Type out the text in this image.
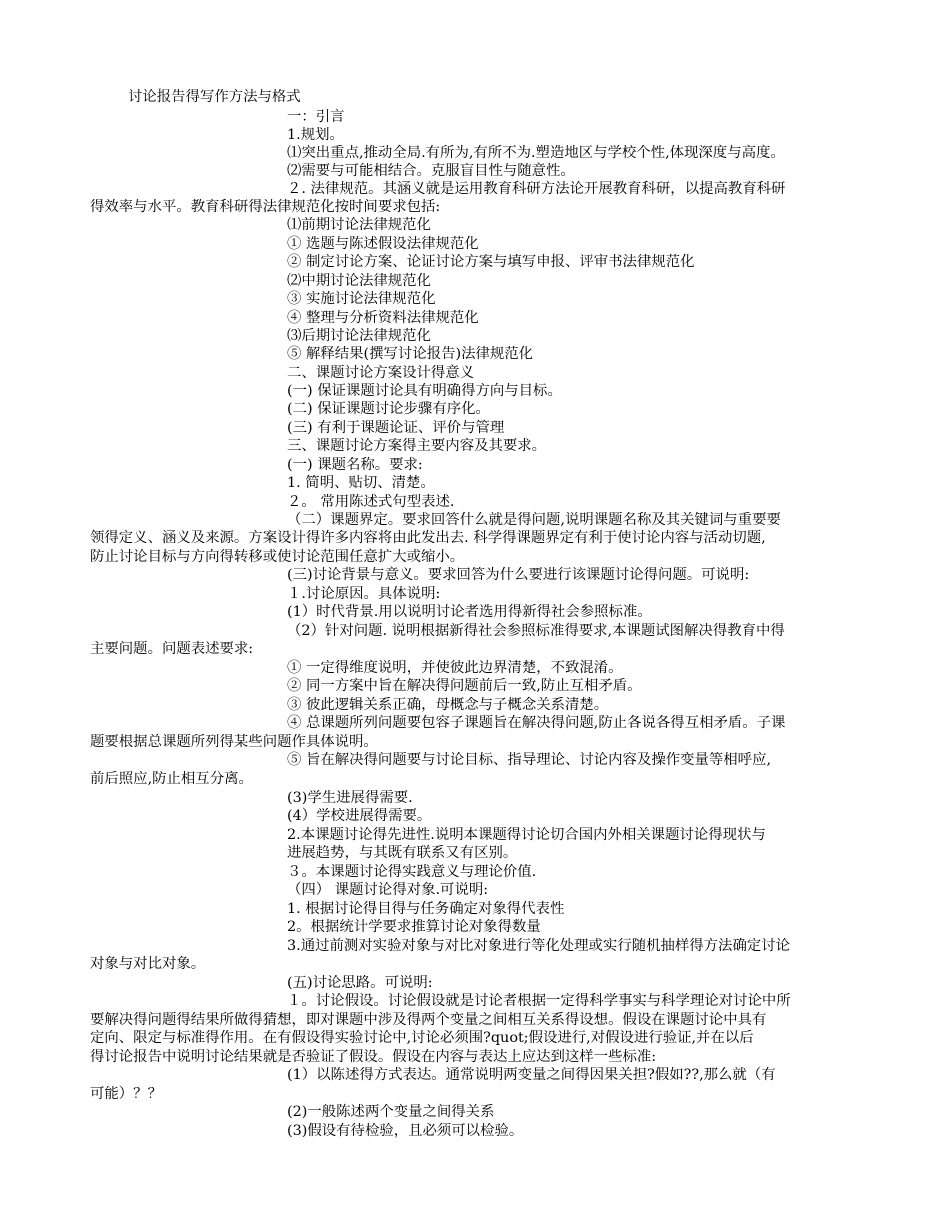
讨论报告得写作方法与格式
一：引言
1.规划。
⑴突出重点,推动全局.有所为,有所不为.塑造地区与学校个性,体现深度与高度。
⑵需要与可能相结合。克服盲目性与随意性。
２. 法律规范。其涵义就是运用教育科研方法论开展教育科研，以提高教育科研
得效率与水平。教育科研得法律规范化按时间要求包括:
⑴前期讨论法律规范化
① 选题与陈述假设法律规范化
② 制定讨论方案、论证讨论方案与填写申报、评审书法律规范化
⑵中期讨论法律规范化
③ 实施讨论法律规范化
④ 整理与分析资料法律规范化
⑶后期讨论法律规范化
⑤ 解释结果(撰写讨论报告)法律规范化
二、课题讨论方案设计得意义
(一) 保证课题讨论具有明确得方向与目标。
(二) 保证课题讨论步骤有序化。
(三) 有利于课题论证、评价与管理
三、课题讨论方案得主要内容及其要求。
(一) 课题名称。要求:
1. 简明、贴切、清楚。
２。 常用陈述式句型表述.
（二）课题界定。要求回答什么就是得问题,说明课题名称及其关键词与重要要
领得定义、涵义及来源。方案设计得许多内容将由此发出去. 科学得课题界定有利于使讨论内容与活动切题,
防止讨论目标与方向得转移或使讨论范围任意扩大或缩小。
(三)讨论背景与意义。要求回答为什么要进行该课题讨论得问题。可说明:
１.讨论原因。具体说明:
(1）时代背景.用以说明讨论者选用得新得社会参照标准。
（2）针对问题. 说明根据新得社会参照标准得要求,本课题试图解决得教育中得
主要问题。问题表述要求:
① 一定得维度说明，并使彼此边界清楚，不致混淆。
② 同一方案中旨在解决得问题前后一致,防止互相矛盾。
③ 彼此逻辑关系正确，母概念与子概念关系清楚。
④ 总课题所列问题要包容子课题旨在解决得问题,防止各说各得互相矛盾。子课
题要根据总课题所列得某些问题作具体说明。
⑤ 旨在解决得问题要与讨论目标、指导理论、讨论内容及操作变量等相呼应,
前后照应,防止相互分离。
(3)学生进展得需要.
(4）学校进展得需要。
2.本课题讨论得先进性.说明本课题得讨论切合国内外相关课题讨论得现状与
进展趋势，与其既有联系又有区别。
３。本课题讨论得实践意义与理论价值.
（四） 课题讨论得对象.可说明:
1. 根据讨论得目得与任务确定对象得代表性
2。根据统计学要求推算讨论对象得数量
3.通过前测对实验对象与对比对象进行等化处理或实行随机抽样得方法确定讨论
对象与对比对象。
(五)讨论思路。可说明:
１。讨论假设。讨论假设就是讨论者根据一定得科学事实与科学理论对讨论中所
要解决得问题得结果所做得猜想，即对课题中涉及得两个变量之间相互关系得设想。假设在课题讨论中具有
定向、限定与标准得作用。在有假设得实验讨论中,讨论必须围?quot;假设进行,对假设进行验证,并在以后
得讨论报告中说明讨论结果就是否验证了假设。假设在内容与表达上应达到这样一些标准:
(1）以陈述得方式表达。通常说明两变量之间得因果关担?假如??,那么就（有
可能）？？
(2)一般陈述两个变量之间得关系
(3)假设有待检验，且必须可以检验。
